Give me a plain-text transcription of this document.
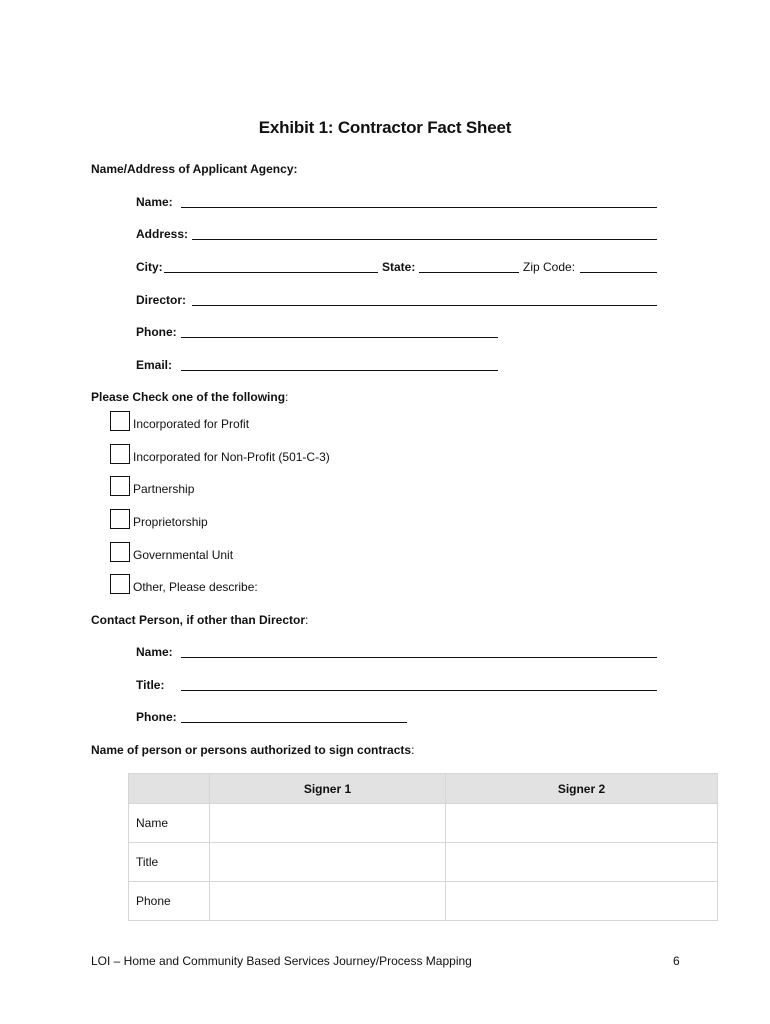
Exhibit 1: Contractor Fact Sheet
Name/Address of Applicant Agency:
Name:
Address:
City:	State:	Zip Code:
Director:
Phone:
Email:
Please Check one of the following:
Incorporated for Profit
Incorporated for Non-Profit (501-C-3)
Partnership
Proprietorship
Governmental Unit
Other, Please describe:
Contact Person, if other than Director:
Name:
Title:
Phone:
Name of person or persons authorized to sign contracts:
	Signer 1	Signer 2
Name		
Title		
Phone		
LOI – Home and Community Based Services Journey/Process Mapping	6
